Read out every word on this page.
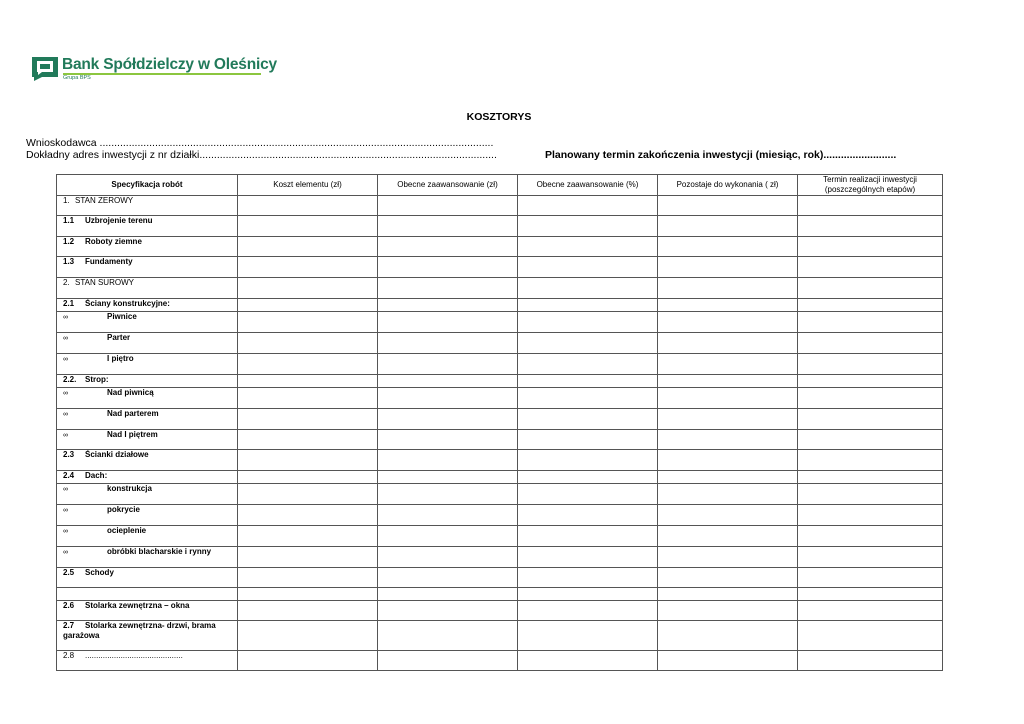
Bank Spółdzielczy w Oleśnicy
Grupa BPS
KOSZTORYS
Wnioskodawca .......................................................................................................................................
Dokładny adres inwestycji z nr działki......................................................................................................	Planowany termin zakończenia inwestycji (miesiąc, rok).........................
Specyfikacja robót	Koszt elementu (zł)	Obecne zaawansowanie (zł)	Obecne zaawansowanie (%)	Pozostaje do wykonania ( zł)	Termin realizacji inwestycji (poszczególnych etapów)
1. STAN ZEROWY					
1.1 Uzbrojenie terenu					
1.2 Roboty ziemne					
1.3 Fundamenty					
2. STAN SUROWY					
2.1 Ściany konstrukcyjne:					
∞ Piwnice					
∞ Parter					
∞ I piętro					
2.2. Strop:					
∞ Nad piwnicą					
∞ Nad parterem					
∞ Nad I piętrem					
2.3 Ścianki działowe					
2.4 Dach:					
∞ konstrukcja					
∞ pokrycie					
∞ ocieplenie					
∞ obróbki blacharskie i rynny					
2.5 Schody					

2.6 Stolarka zewnętrzna – okna					
2.7 Stolarka zewnętrzna- drzwi, brama garażowa					
2.8 ............................................					
